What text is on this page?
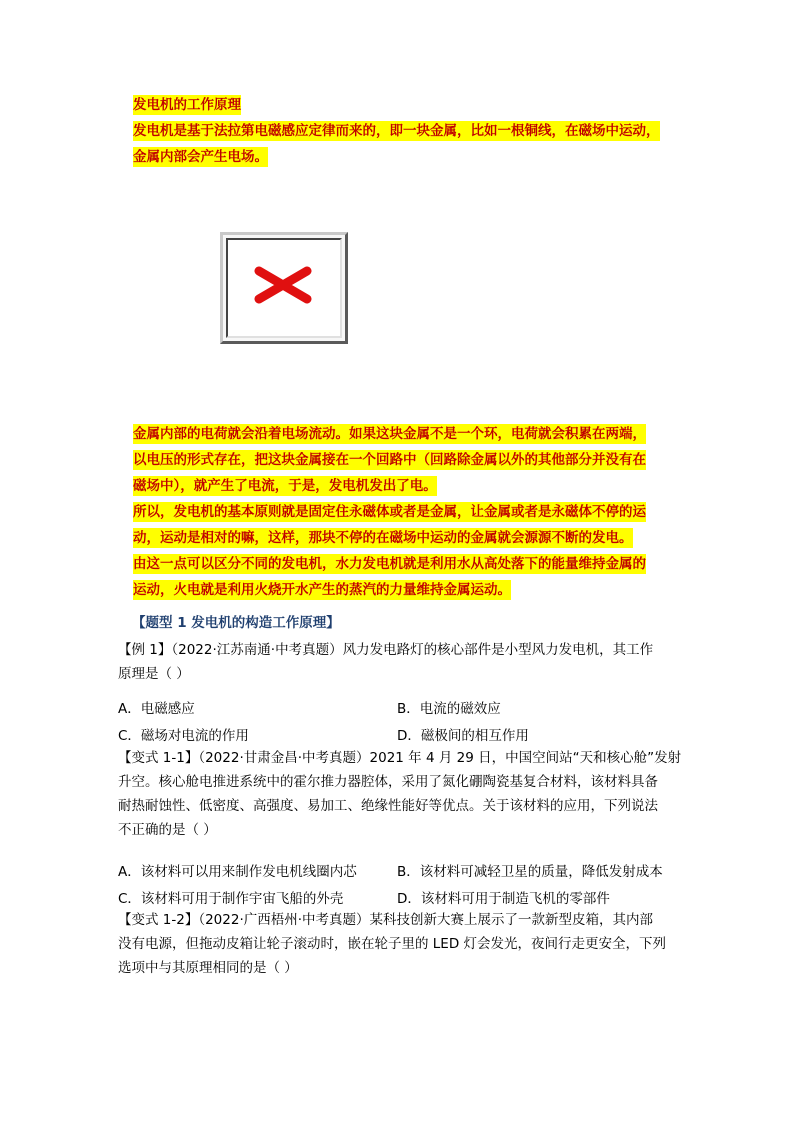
发电机的工作原理
发电机是基于法拉第电磁感应定律而来的，即一块金属，比如一根铜线，在磁场中运动，
金属内部会产生电场。
金属内部的电荷就会沿着电场流动。如果这块金属不是一个环，电荷就会积累在两端，
以电压的形式存在，把这块金属接在一个回路中（回路除金属以外的其他部分并没有在
磁场中），就产生了电流，于是，发电机发出了电。
所以，发电机的基本原则就是固定住永磁体或者是金属，让金属或者是永磁体不停的运
动，运动是相对的嘛，这样，那块不停的在磁场中运动的金属就会源源不断的发电。
由这一点可以区分不同的发电机，水力发电机就是利用水从高处落下的能量维持金属的
运动，火电就是利用火烧开水产生的蒸汽的力量维持金属运动。
【题型 1 发电机的构造工作原理】
【例 1】（2022·江苏南通·中考真题）风力发电路灯的核心部件是小型风力发电机，其工作
原理是（ ）
A．电磁感应	B．电流的磁效应
C．磁场对电流的作用	D．磁极间的相互作用
【变式 1-1】（2022·甘肃金昌·中考真题）2021 年 4 月 29 日，中国空间站“天和核心舱”发射
升空。核心舱电推进系统中的霍尔推力器腔体，采用了氮化硼陶瓷基复合材料，该材料具备
耐热耐蚀性、低密度、高强度、易加工、绝缘性能好等优点。关于该材料的应用，下列说法
不正确的是（ ）
A．该材料可以用来制作发电机线圈内芯	B．该材料可减轻卫星的质量，降低发射成本
C．该材料可用于制作宇宙飞船的外壳	D．该材料可用于制造飞机的零部件
【变式 1-2】（2022·广西梧州·中考真题）某科技创新大赛上展示了一款新型皮箱，其内部
没有电源，但拖动皮箱让轮子滚动时，嵌在轮子里的 LED 灯会发光，夜间行走更安全，下列
选项中与其原理相同的是（ ）
